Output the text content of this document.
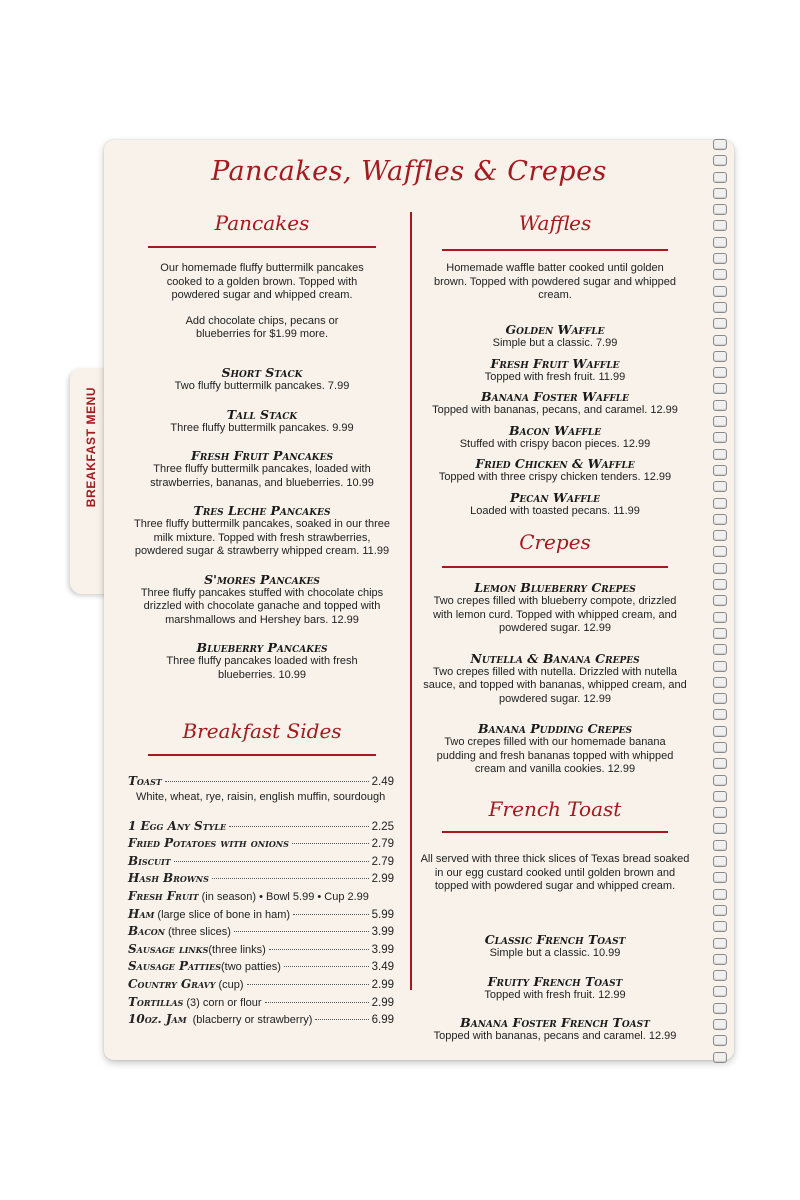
BREAKFAST MENU
Pancakes, Waffles & Crepes
Pancakes
Our homemade fluffy buttermilk pancakes cooked to a golden brown. Topped with powdered sugar and whipped cream.
Add chocolate chips, pecans or blueberries for $1.99 more.
Short Stack
Two fluffy buttermilk pancakes. 7.99
Tall Stack
Three fluffy buttermilk pancakes. 9.99
Fresh Fruit Pancakes
Three fluffy buttermilk pancakes, loaded with strawberries, bananas, and blueberries. 10.99
Tres Leche Pancakes
Three fluffy buttermilk pancakes, soaked in our three milk mixture. Topped with fresh strawberries, powdered sugar & strawberry whipped cream. 11.99
S'mores Pancakes
Three fluffy pancakes stuffed with chocolate chips drizzled with chocolate ganache and topped with marshmallows and Hershey bars. 12.99
Blueberry Pancakes
Three fluffy pancakes loaded with fresh blueberries. 10.99
Breakfast Sides
Toast	2.49
White, wheat, rye, raisin, english muffin, sourdough
1 Egg Any Style	2.25
Fried Potatoes with onions	2.79
Biscuit	2.79
Hash Browns	2.99
Fresh Fruit (in season) • Bowl 5.99 • Cup 2.99
Ham (large slice of bone in ham)	5.99
Bacon (three slices)	3.99
Sausage links (three links)	3.99
Sausage Patties (two patties)	3.49
Country Gravy (cup)	2.99
Tortillas (3) corn or flour	2.99
10oz. Jam (blacberry or strawberry)	6.99
Waffles
Homemade waffle batter cooked until golden brown. Topped with powdered sugar and whipped cream.
Golden Waffle
Simple but a classic. 7.99
Fresh Fruit Waffle
Topped with fresh fruit. 11.99
Banana Foster Waffle
Topped with bananas, pecans, and caramel. 12.99
Bacon Waffle
Stuffed with crispy bacon pieces. 12.99
Fried Chicken & Waffle
Topped with three crispy chicken tenders. 12.99
Pecan Waffle
Loaded with toasted pecans. 11.99
Crepes
Lemon Blueberry Crepes
Two crepes filled with blueberry compote, drizzled with lemon curd. Topped with whipped cream, and powdered sugar. 12.99
Nutella & Banana Crepes
Two crepes filled with nutella. Drizzled with nutella sauce, and topped with bananas, whipped cream, and powdered sugar. 12.99
Banana Pudding Crepes
Two crepes filled with our homemade banana pudding and fresh bananas topped with whipped cream and vanilla cookies. 12.99
French Toast
All served with three thick slices of Texas bread soaked in our egg custard cooked until golden brown and topped with powdered sugar and whipped cream.
Classic French Toast
Simple but a classic. 10.99
Fruity French Toast
Topped with fresh fruit. 12.99
Banana Foster French Toast
Topped with bananas, pecans and caramel. 12.99
